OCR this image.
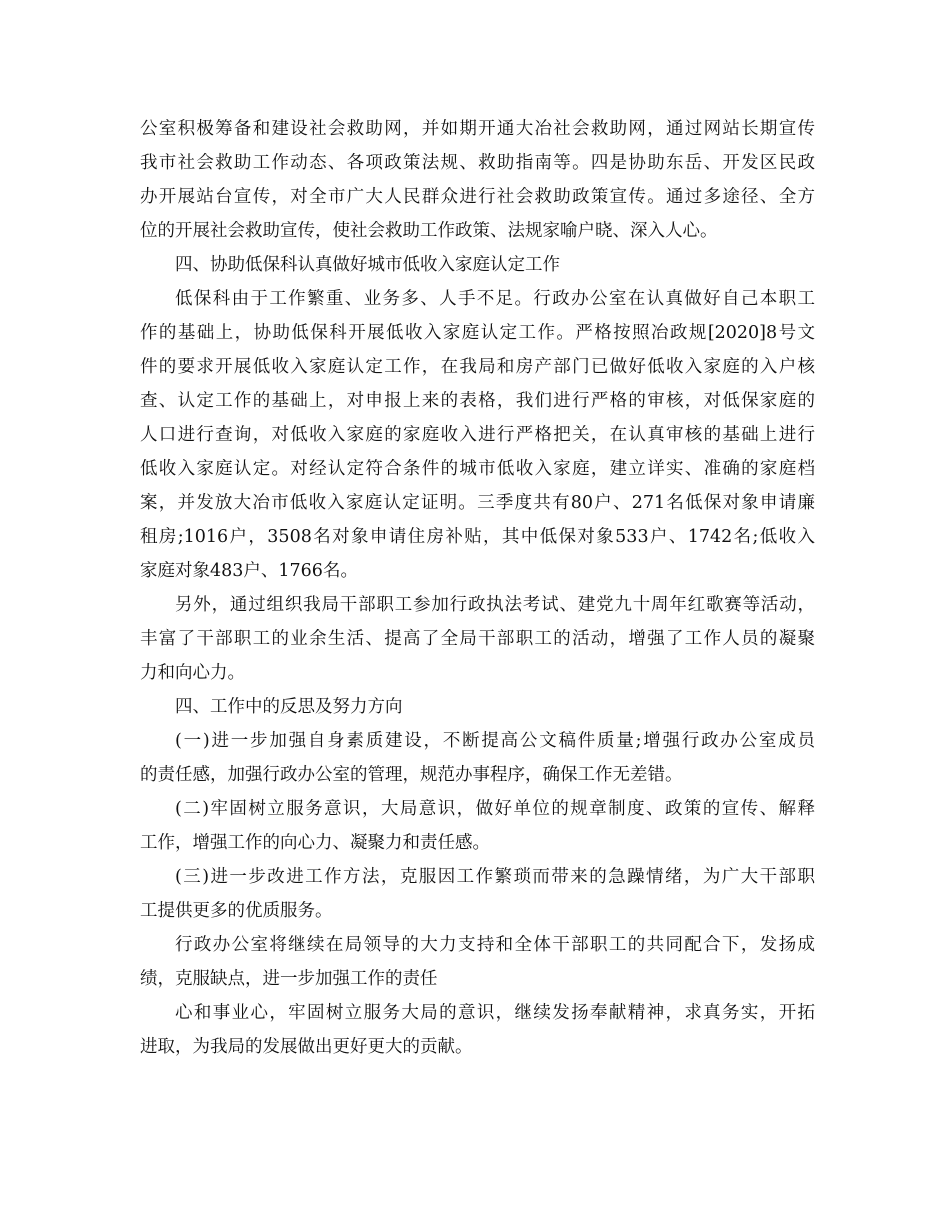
公室积极筹备和建设社会救助网，并如期开通大冶社会救助网，通过网站长期宣传
我市社会救助工作动态、各项政策法规、救助指南等。四是协助东岳、开发区民政
办开展站台宣传，对全市广大人民群众进行社会救助政策宣传。通过多途径、全方
位的开展社会救助宣传，使社会救助工作政策、法规家喻户晓、深入人心。
四、协助低保科认真做好城市低收入家庭认定工作
低保科由于工作繁重、业务多、人手不足。行政办公室在认真做好自己本职工
作的基础上，协助低保科开展低收入家庭认定工作。严格按照冶政规[2020]8号文
件的要求开展低收入家庭认定工作，在我局和房产部门已做好低收入家庭的入户核
查、认定工作的基础上，对申报上来的表格，我们进行严格的审核，对低保家庭的
人口进行查询，对低收入家庭的家庭收入进行严格把关，在认真审核的基础上进行
低收入家庭认定。对经认定符合条件的城市低收入家庭，建立详实、准确的家庭档
案，并发放大冶市低收入家庭认定证明。三季度共有80户、271名低保对象申请廉
租房;1016户，3508名对象申请住房补贴，其中低保对象533户、1742名;低收入
家庭对象483户、1766名。
另外，通过组织我局干部职工参加行政执法考试、建党九十周年红歌赛等活动，
丰富了干部职工的业余生活、提高了全局干部职工的活动，增强了工作人员的凝聚
力和向心力。
四、工作中的反思及努力方向
(一)进一步加强自身素质建设，不断提高公文稿件质量;增强行政办公室成员
的责任感，加强行政办公室的管理，规范办事程序，确保工作无差错。
(二)牢固树立服务意识，大局意识，做好单位的规章制度、政策的宣传、解释
工作，增强工作的向心力、凝聚力和责任感。
(三)进一步改进工作方法，克服因工作繁琐而带来的急躁情绪，为广大干部职
工提供更多的优质服务。
行政办公室将继续在局领导的大力支持和全体干部职工的共同配合下，发扬成
绩，克服缺点，进一步加强工作的责任
心和事业心，牢固树立服务大局的意识，继续发扬奉献精神，求真务实，开拓
进取，为我局的发展做出更好更大的贡献。
